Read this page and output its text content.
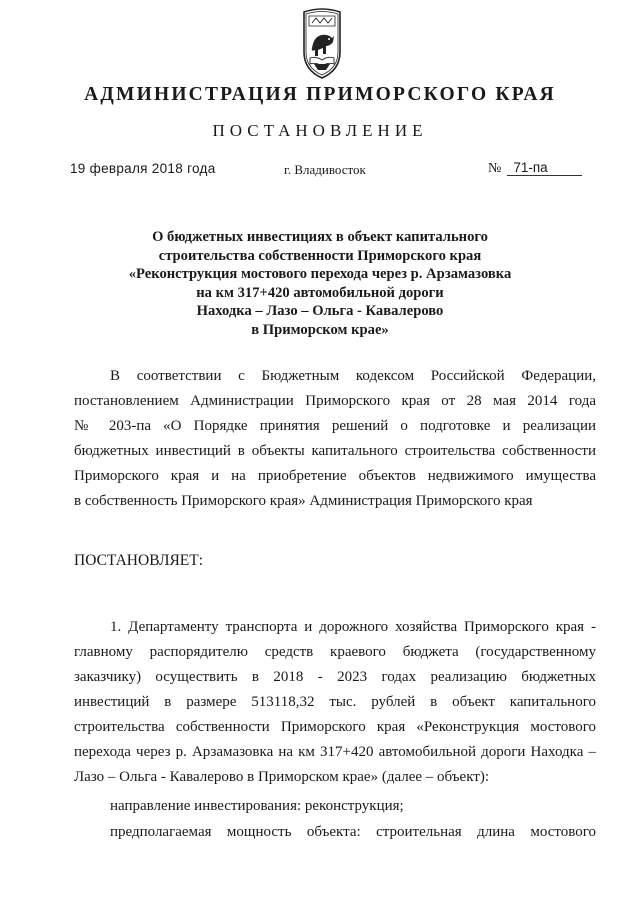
АДМИНИСТРАЦИЯ ПРИМОРСКОГО КРАЯ
ПОСТАНОВЛЕНИЕ
19 февраля 2018 года	г. Владивосток	№ 71-па
О бюджетных инвестициях в объект капитального
строительства собственности Приморского края
«Реконструкция мостового перехода через р. Арзамазовка
на км 317+420 автомобильной дороги
Находка – Лазо – Ольга - Кавалерово
в Приморском крае»
В соответствии с Бюджетным кодексом Российской Федерации,
постановлением Администрации Приморского края от 28 мая 2014 года
№ 203-па «О Порядке принятия решений о подготовке и реализации
бюджетных инвестиций в объекты капитального строительства собственности
Приморского края и на приобретение объектов недвижимого имущества
в собственность Приморского края» Администрация Приморского края
ПОСТАНОВЛЯЕТ:
1. Департаменту транспорта и дорожного хозяйства Приморского края -
главному распорядителю средств краевого бюджета (государственному
заказчику) осуществить в 2018 - 2023 годах реализацию бюджетных
инвестиций в размере 513118,32 тыс. рублей в объект капитального
строительства собственности Приморского края «Реконструкция мостового
перехода через р. Арзамазовка на км 317+420 автомобильной дороги Находка –
Лазо – Ольга - Кавалерово в Приморском крае» (далее – объект):
направление инвестирования: реконструкция;
предполагаемая мощность объекта: строительная длина мостового
